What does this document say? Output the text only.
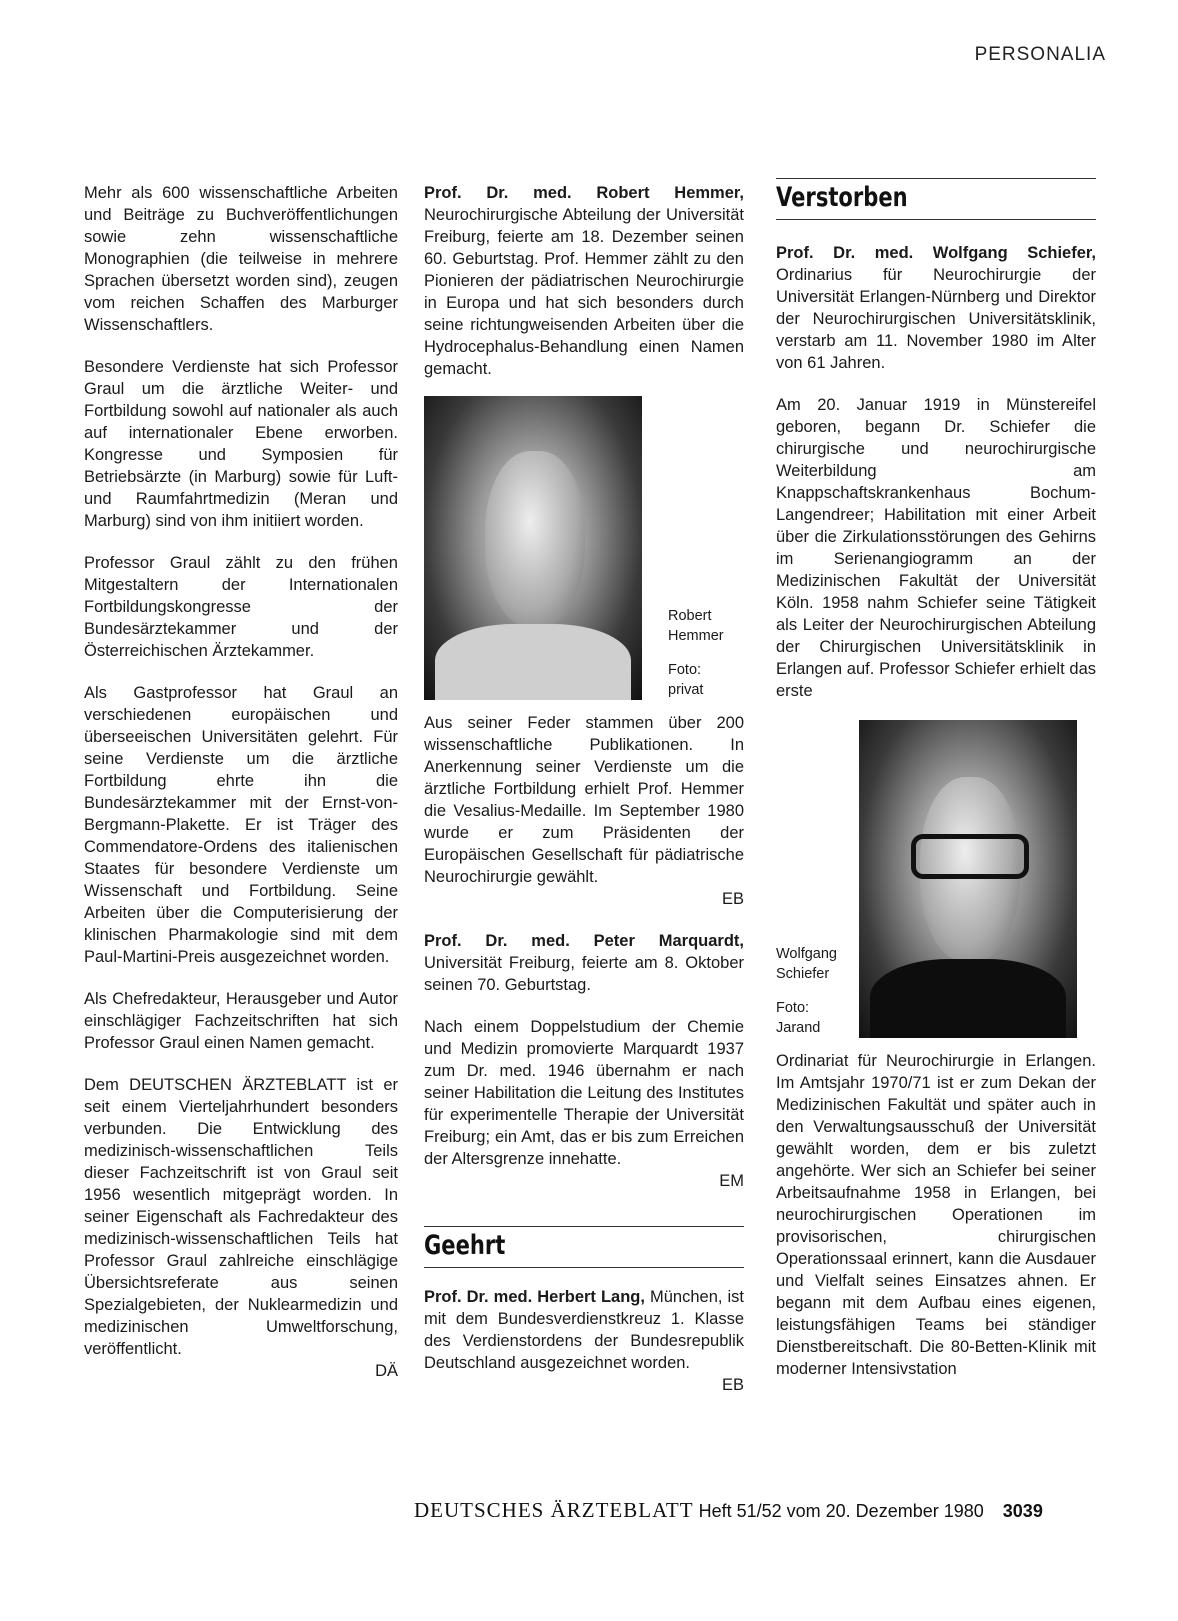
PERSONALIA

Mehr als 600 wissenschaftliche Arbeiten und Beiträge zu Buchveröffentlichungen sowie zehn wissenschaftliche Monographien (die teilweise in mehrere Sprachen übersetzt worden sind), zeugen vom reichen Schaffen des Marburger Wissenschaftlers.

Besondere Verdienste hat sich Professor Graul um die ärztliche Weiter- und Fortbildung sowohl auf nationaler als auch auf internationaler Ebene erworben. Kongresse und Symposien für Betriebsärzte (in Marburg) sowie für Luft- und Raumfahrtmedizin (Meran und Marburg) sind von ihm initiiert worden.

Professor Graul zählt zu den frühen Mitgestaltern der Internationalen Fortbildungskongresse der Bundesärztekammer und der Österreichischen Ärztekammer.

Als Gastprofessor hat Graul an verschiedenen europäischen und überseeischen Universitäten gelehrt. Für seine Verdienste um die ärztliche Fortbildung ehrte ihn die Bundesärztekammer mit der Ernst-von-Bergmann-Plakette. Er ist Träger des Commendatore-Ordens des italienischen Staates für besondere Verdienste um Wissenschaft und Fortbildung. Seine Arbeiten über die Computerisierung der klinischen Pharmakologie sind mit dem Paul-Martini-Preis ausgezeichnet worden.

Als Chefredakteur, Herausgeber und Autor einschlägiger Fachzeitschriften hat sich Professor Graul einen Namen gemacht.

Dem DEUTSCHEN ÄRZTEBLATT ist er seit einem Vierteljahrhundert besonders verbunden. Die Entwicklung des medizinisch-wissenschaftlichen Teils dieser Fachzeitschrift ist von Graul seit 1956 wesentlich mitgeprägt worden. In seiner Eigenschaft als Fachredakteur des medizinisch-wissenschaftlichen Teils hat Professor Graul zahlreiche einschlägige Übersichtsreferate aus seinen Spezialgebieten, der Nuklearmedizin und medizinischen Umweltforschung, veröffentlicht.
DÄ

Prof. Dr. med. Robert Hemmer, Neurochirurgische Abteilung der Universität Freiburg, feierte am 18. Dezember seinen 60. Geburtstag. Prof. Hemmer zählt zu den Pionieren der pädiatrischen Neurochirurgie in Europa und hat sich besonders durch seine richtungweisenden Arbeiten über die Hydrocephalus-Behandlung einen Namen gemacht.

Robert
Hemmer
Foto:
privat

Aus seiner Feder stammen über 200 wissenschaftliche Publikationen. In Anerkennung seiner Verdienste um die ärztliche Fortbildung erhielt Prof. Hemmer die Vesalius-Medaille. Im September 1980 wurde er zum Präsidenten der Europäischen Gesellschaft für pädiatrische Neurochirurgie gewählt.
EB

Prof. Dr. med. Peter Marquardt, Universität Freiburg, feierte am 8. Oktober seinen 70. Geburtstag.

Nach einem Doppelstudium der Chemie und Medizin promovierte Marquardt 1937 zum Dr. med. 1946 übernahm er nach seiner Habilitation die Leitung des Institutes für experimentelle Therapie der Universität Freiburg; ein Amt, das er bis zum Erreichen der Altersgrenze innehatte.
EM

Geehrt

Prof. Dr. med. Herbert Lang, München, ist mit dem Bundesverdienstkreuz 1. Klasse des Verdienstordens der Bundesrepublik Deutschland ausgezeichnet worden.
EB

Verstorben

Prof. Dr. med. Wolfgang Schiefer, Ordinarius für Neurochirurgie der Universität Erlangen-Nürnberg und Direktor der Neurochirurgischen Universitätsklinik, verstarb am 11. November 1980 im Alter von 61 Jahren.

Am 20. Januar 1919 in Münstereifel geboren, begann Dr. Schiefer die chirurgische und neurochirurgische Weiterbildung am Knappschaftskrankenhaus Bochum-Langendreer; Habilitation mit einer Arbeit über die Zirkulationsstörungen des Gehirns im Serienangiogramm an der Medizinischen Fakultät der Universität Köln. 1958 nahm Schiefer seine Tätigkeit als Leiter der Neurochirurgischen Abteilung der Chirurgischen Universitätsklinik in Erlangen auf. Professor Schiefer erhielt das erste

Wolfgang
Schiefer
Foto:
Jarand

Ordinariat für Neurochirurgie in Erlangen. Im Amtsjahr 1970/71 ist er zum Dekan der Medizinischen Fakultät und später auch in den Verwaltungsausschuß der Universität gewählt worden, dem er bis zuletzt angehörte. Wer sich an Schiefer bei seiner Arbeitsaufnahme 1958 in Erlangen, bei neurochirurgischen Operationen im provisorischen, chirurgischen Operationssaal erinnert, kann die Ausdauer und Vielfalt seines Einsatzes ahnen. Er begann mit dem Aufbau eines eigenen, leistungsfähigen Teams bei ständiger Dienstbereitschaft. Die 80-Betten-Klinik mit moderner Intensivstation

DEUTSCHES ÄRZTEBLATT Heft 51/52 vom 20. Dezember 1980 3039
